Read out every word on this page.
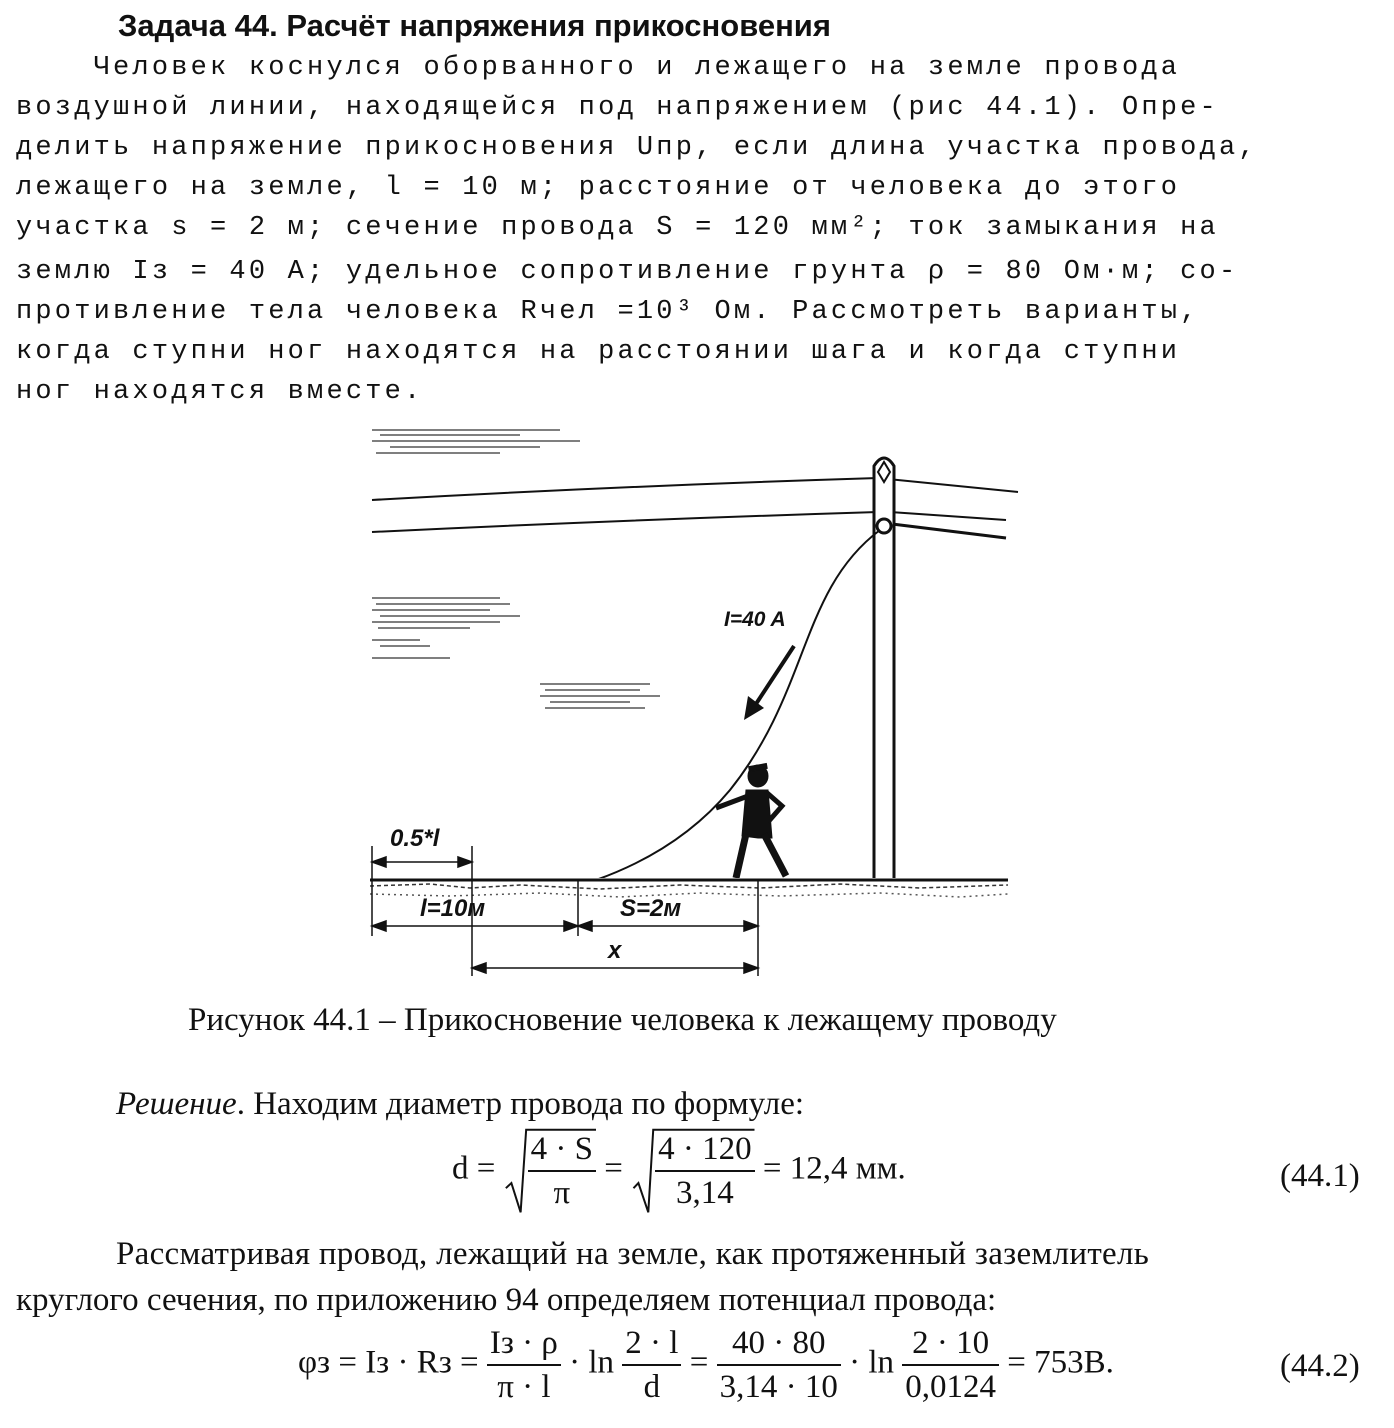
Задача 44. Расчёт напряжения прикосновения
Человек коснулся оборванного и лежащего на земле провода
воздушной линии, находящейся под напряжением (рис 44.1). Опре-
делить напряжение прикосновения Uпр, если длина участка провода,
лежащего на земле, l = 10 м; расстояние от человека до этого
участка s = 2 м; сечение провода S = 120 мм²; ток замыкания на
землю Iз = 40 А; удельное сопротивление грунта ρ = 80 Ом·м; со-
противление тела человека Rчел =10³ Ом. Рассмотреть варианты,
когда ступни ног находятся на расстоянии шага и когда ступни
ног находятся вместе.
I=40 A
0.5*l
l=10м	S=2м
x
Рисунок 44.1 – Прикосновение человека к лежащему проводу
Решение. Находим диаметр провода по формуле:
$d = \frac{4 \cdot S}{\pi} = \frac{4 \cdot 120}{3,14} = 12,4$ мм.	(44.1)
Рассматривая провод, лежащий на земле, как протяженный заземлитель
круглого сечения, по приложению 94 определяем потенциал провода:
φз = Iз · Rз = $\frac{Iз \cdot \rho}{\pi \cdot l} \cdot \ln \frac{2 \cdot l}{d} = \frac{40 \cdot 80}{3,14 \cdot 10} \cdot \ln \frac{2 \cdot 10}{0,0124} = 753В$.	(44.2)
